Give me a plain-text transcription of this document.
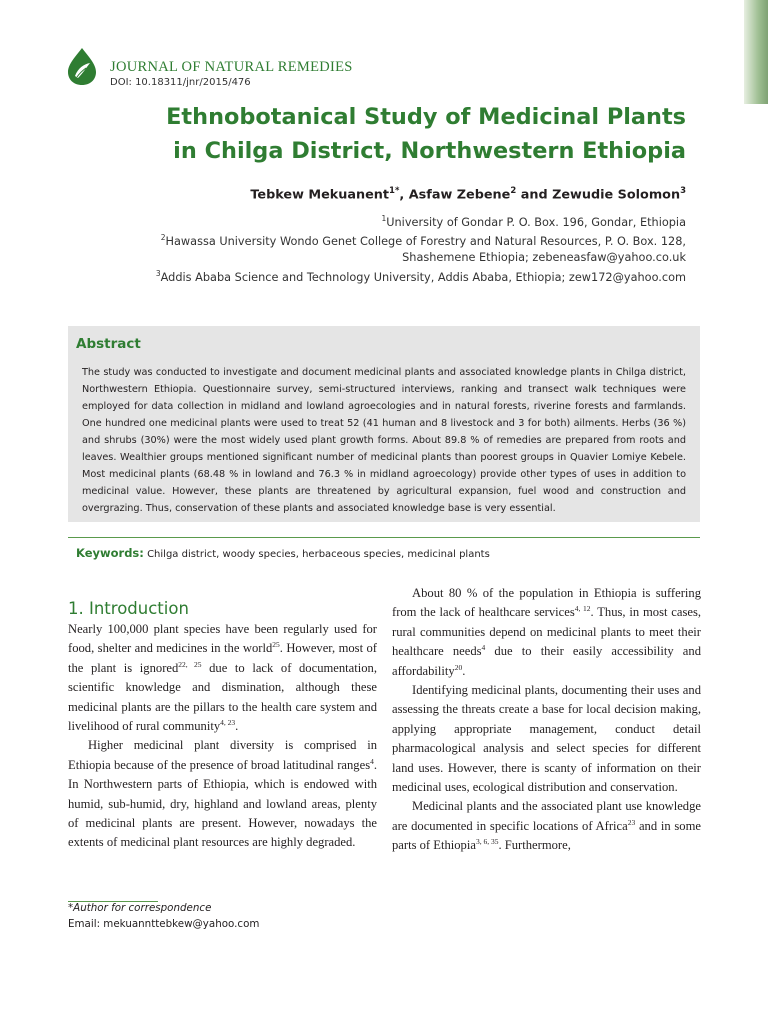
JOURNAL OF NATURAL REMEDIES
DOI: 10.18311/jnr/2015/476
Ethnobotanical Study of Medicinal Plants
in Chilga District, Northwestern Ethiopia
Tebkew Mekuanent$^{1*}$, Asfaw Zebene$^2$ and Zewudie Solomon$^3$
$^1$University of Gondar P. O. Box. 196, Gondar, Ethiopia
$^2$Hawassa University Wondo Genet College of Forestry and Natural Resources, P. O. Box. 128,
Shashemene Ethiopia; zebeneasfaw@yahoo.co.uk
$^3$Addis Ababa Science and Technology University, Addis Ababa, Ethiopia; zew172@yahoo.com
Abstract
The study was conducted to investigate and document medicinal plants and associated knowledge plants in Chilga district, Northwestern Ethiopia. Questionnaire survey, semi-structured interviews, ranking and transect walk techniques were employed for data collection in midland and lowland agroecologies and in natural forests, riverine forests and farmlands. One hundred one medicinal plants were used to treat 52 (41 human and 8 livestock and 3 for both) ailments. Herbs (36 %) and shrubs (30%) were the most widely used plant growth forms. About 89.8 % of remedies are prepared from roots and leaves. Wealthier groups mentioned significant number of medicinal plants than poorest groups in Quavier Lomiye Kebele. Most medicinal plants (68.48 % in lowland and 76.3 % in midland agroecology) provide other types of uses in addition to medicinal value. However, these plants are threatened by agricultural expansion, fuel wood and construction and overgrazing. Thus, conservation of these plants and associated knowledge base is very essential.
Keywords: Chilga district, woody species, herbaceous species, medicinal plants
1. Introduction

Nearly 100,000 plant species have been regularly used for food, shelter and medicines in the world$^{25}$. However, most of the plant is ignored$^{22, 25}$ due to lack of documentation, scientific knowledge and dismination, although these medicinal plants are the pillars to the health care system and livelihood of rural community$^{4, 23}$.

Higher medicinal plant diversity is comprised in Ethiopia because of the presence of broad latitudinal ranges$^4$. In Northwestern parts of Ethiopia, which is endowed with humid, sub-humid, dry, highland and lowland areas, plenty of medicinal plants are present. However, nowadays the extents of medicinal plant resources are highly degraded.

About 80 % of the population in Ethiopia is suffering from the lack of healthcare services$^{4, 12}$. Thus, in most cases, rural communities depend on medicinal plants to meet their healthcare needs$^4$ due to their easily accessibility and affordability$^{20}$.

Identifying medicinal plants, documenting their uses and assessing the threats create a base for local decision making, applying appropriate management, conduct detail pharmacological analysis and select species for different land uses. However, there is scanty of information on their medicinal uses, ecological distribution and conservation.

Medicinal plants and the associated plant use knowledge are documented in specific locations of Africa$^{23}$ and in some parts of Ethiopia$^{3, 6, 35}$. Furthermore,

*Author for correspondence
Email: mekuannttebkew@yahoo.com
